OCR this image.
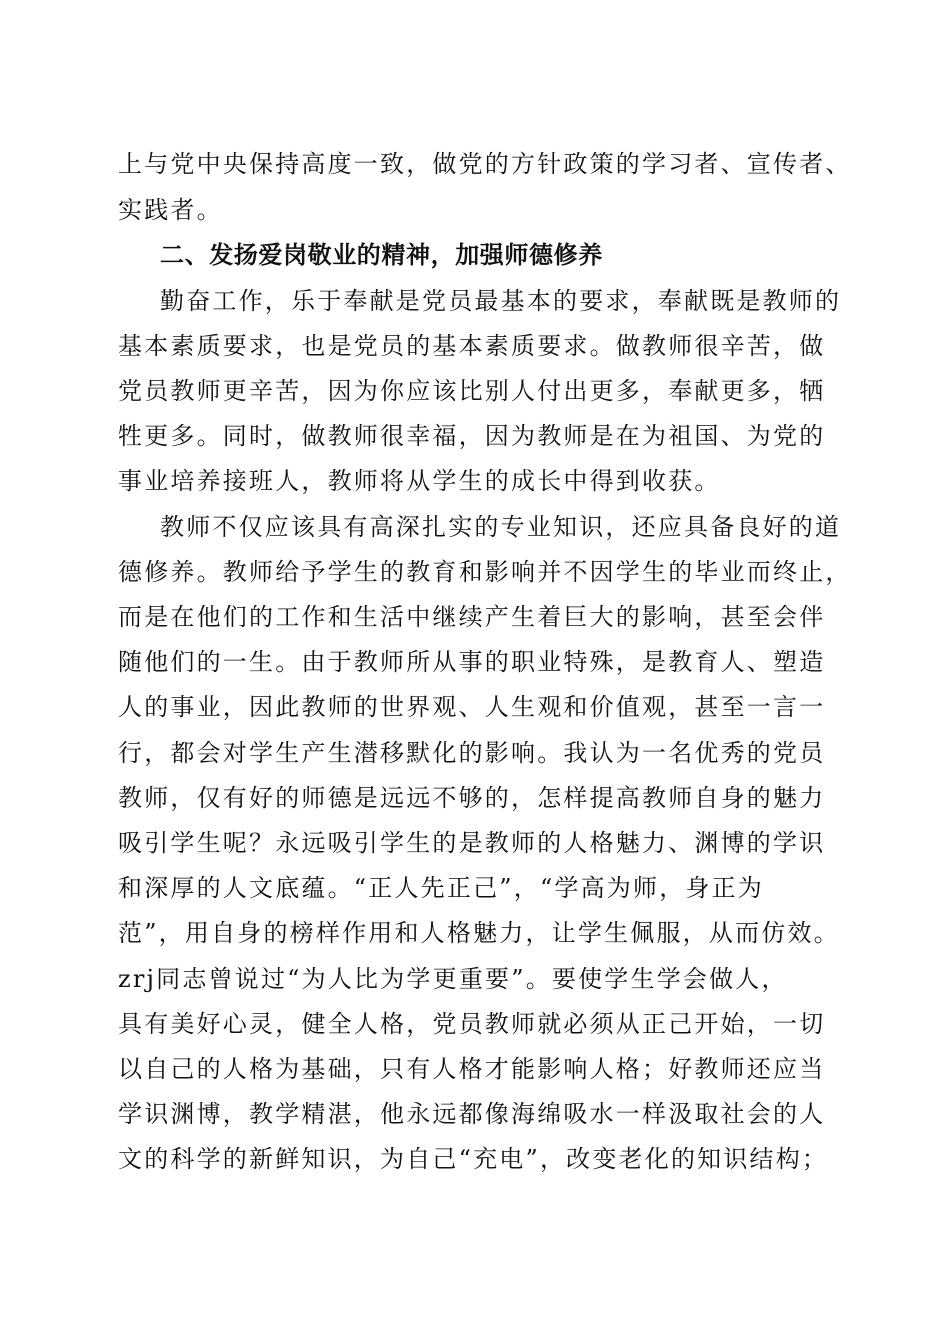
上与党中央保持高度一致，做党的方针政策的学习者、宣传者、
实践者。
二、发扬爱岗敬业的精神，加强师德修养
勤奋工作，乐于奉献是党员最基本的要求，奉献既是教师的
基本素质要求，也是党员的基本素质要求。做教师很辛苦，做
党员教师更辛苦，因为你应该比别人付出更多，奉献更多，牺
牲更多。同时，做教师很幸福，因为教师是在为祖国、为党的
事业培养接班人，教师将从学生的成长中得到收获。
教师不仅应该具有高深扎实的专业知识，还应具备良好的道
德修养。教师给予学生的教育和影响并不因学生的毕业而终止，
而是在他们的工作和生活中继续产生着巨大的影响，甚至会伴
随他们的一生。由于教师所从事的职业特殊，是教育人、塑造
人的事业，因此教师的世界观、人生观和价值观，甚至一言一
行，都会对学生产生潜移默化的影响。我认为一名优秀的党员
教师，仅有好的师德是远远不够的，怎样提高教师自身的魅力
吸引学生呢？永远吸引学生的是教师的人格魅力、渊博的学识
和深厚的人文底蕴。“正人先正己”，“学高为师，身正为
范”，用自身的榜样作用和人格魅力，让学生佩服，从而仿效。
zrj同志曾说过“为人比为学更重要”。要使学生学会做人，
具有美好心灵，健全人格，党员教师就必须从正己开始，一切
以自己的人格为基础，只有人格才能影响人格；好教师还应当
学识渊博，教学精湛，他永远都像海绵吸水一样汲取社会的人
文的科学的新鲜知识，为自己“充电”，改变老化的知识结构；
